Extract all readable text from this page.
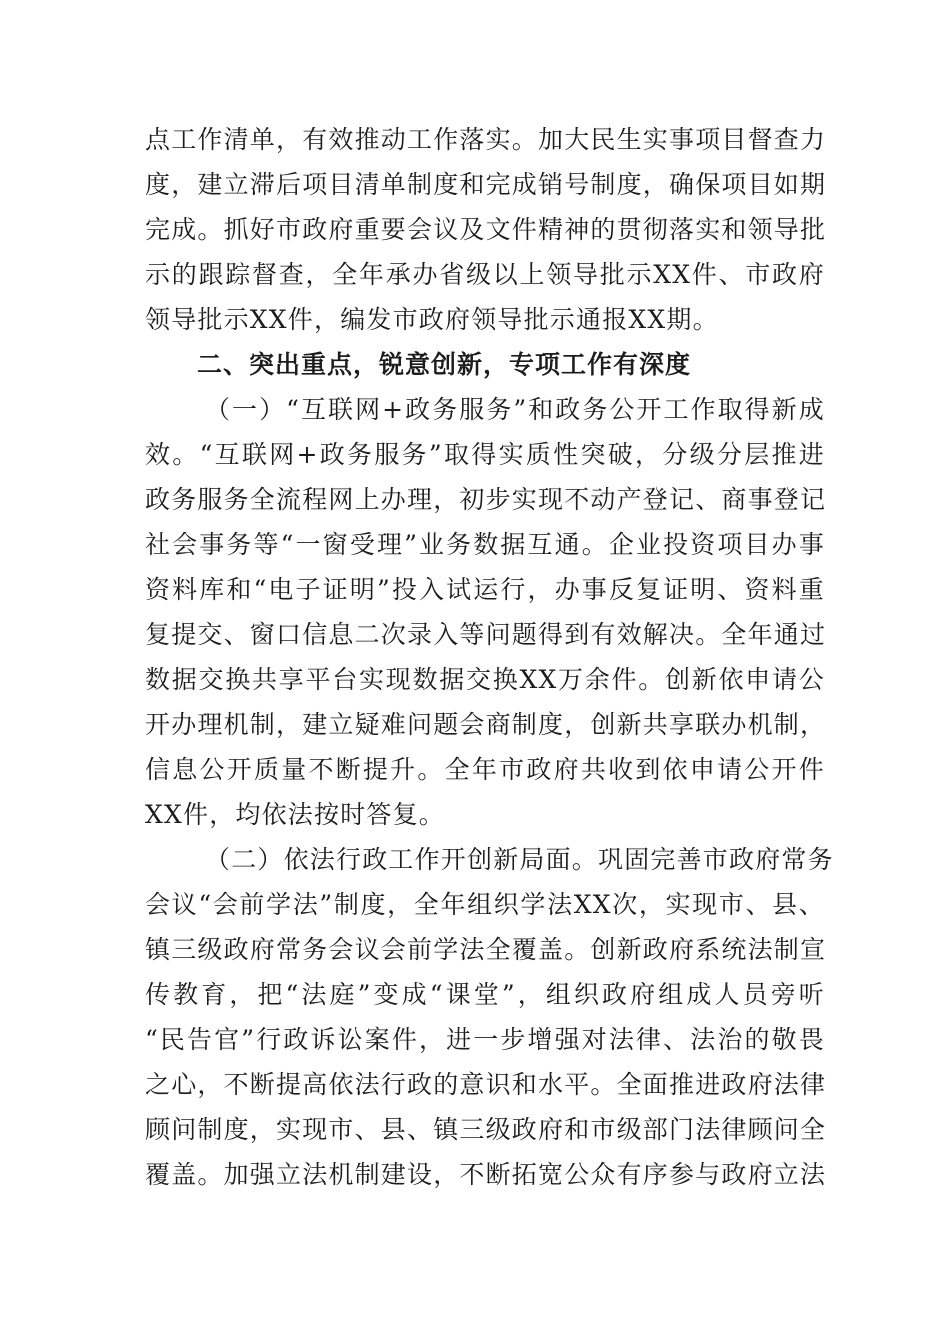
点工作清单，有效推动工作落实。加大民生实事项目督查力
度，建立滞后项目清单制度和完成销号制度，确保项目如期
完成。抓好市政府重要会议及文件精神的贯彻落实和领导批
示的跟踪督查，全年承办省级以上领导批示XX件、市政府
领导批示XX件，编发市政府领导批示通报XX期。
二、突出重点，锐意创新，专项工作有深度
（一）“互联网+政务服务”和政务公开工作取得新成
效。“互联网+政务服务”取得实质性突破，分级分层推进
政务服务全流程网上办理，初步实现不动产登记、商事登记
社会事务等“一窗受理”业务数据互通。企业投资项目办事
资料库和“电子证明”投入试运行，办事反复证明、资料重
复提交、窗口信息二次录入等问题得到有效解决。全年通过
数据交换共享平台实现数据交换XX万余件。创新依申请公
开办理机制，建立疑难问题会商制度，创新共享联办机制，
信息公开质量不断提升。全年市政府共收到依申请公开件
XX件，均依法按时答复。
（二）依法行政工作开创新局面。巩固完善市政府常务
会议“会前学法”制度，全年组织学法XX次，实现市、县、
镇三级政府常务会议会前学法全覆盖。创新政府系统法制宣
传教育，把“法庭”变成“课堂”，组织政府组成人员旁听
“民告官”行政诉讼案件，进一步增强对法律、法治的敬畏
之心，不断提高依法行政的意识和水平。全面推进政府法律
顾问制度，实现市、县、镇三级政府和市级部门法律顾问全
覆盖。加强立法机制建设，不断拓宽公众有序参与政府立法
